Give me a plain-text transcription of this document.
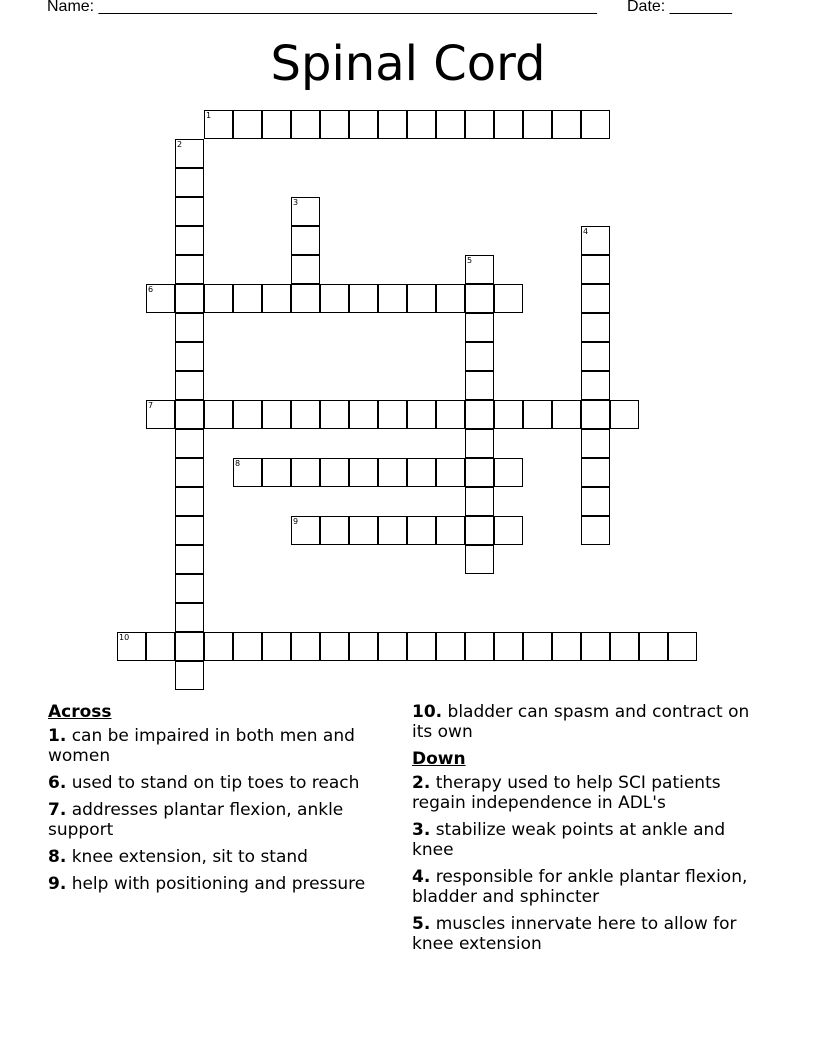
Name: ________________________________________________________ Date: _______
Spinal Cord
1
2
3
4
5
6
7
8
9
10
Across
1. can be impaired in both men and women
6. used to stand on tip toes to reach
7. addresses plantar flexion, ankle support
8. knee extension, sit to stand
9. help with positioning and pressure
10. bladder can spasm and contract on its own
Down
2. therapy used to help SCI patients regain independence in ADL's
3. stabilize weak points at ankle and knee
4. responsible for ankle plantar flexion, bladder and sphincter
5. muscles innervate here to allow for knee extension
